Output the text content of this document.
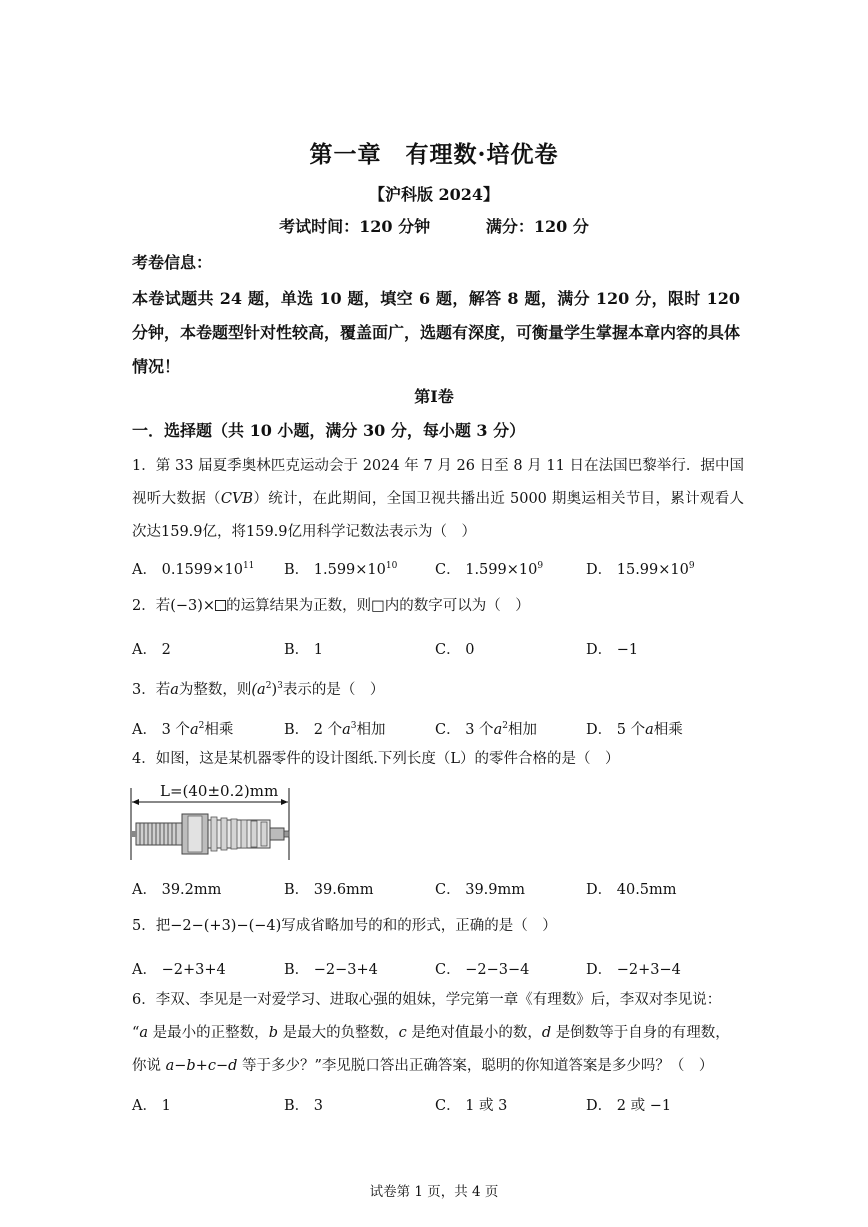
第一章　有理数·培优卷
【沪科版 2024】
考试时间：120 分钟	满分：120 分
考卷信息：
本卷试题共 24 题，单选 10 题，填空 6 题，解答 8 题，满分 120 分，限时 120 分钟，本卷题型针对性较高，覆盖面广，选题有深度，可衡量学生掌握本章内容的具体情况！
第Ⅰ卷
一．选择题（共 10 小题，满分 30 分，每小题 3 分）
1．第 33 届夏季奥林匹克运动会于 2024 年 7 月 26 日至 8 月 11 日在法国巴黎举行．据中国视听大数据（CVB）统计，在此期间，全国卫视共播出近 5000 期奥运相关节目，累计观看人次达159.9亿，将159.9亿用科学记数法表示为（　）
A． $0.1599\times 10^{11}$ B． $1.599\times 10^{10}$	C． $1.599\times 10^9$	D． $15.99\times 10^9$
2．若(−3)× 的运算结果为正数，则□内的数字可以为（　）
A． 2	B． 1	C． 0	D． −1
3．若a为整数，则$(a^2)^3$表示的是（　）
A． 3 个$a^2$相乘	B． 2 个$a^3$相加	C． 3 个$a^2$相加	D． 5 个a相乘
4．如图，这是某机器零件的设计图纸.下列长度（L）的零件合格的是（　）
L=(40±0.2)mm
A． 39.2mm	B． 39.6mm	C． 39.9mm	D． 40.5mm
5．把−2−(+3)−(−4)写成省略加号的和的形式，正确的是（　）
A． −2+3+4	B． −2−3+4	C． −2−3−4	D． −2+3−4
6．李双、李见是一对爱学习、进取心强的姐妹，学完第一章《有理数》后，李双对李见说：
“a 是最小的正整数，b 是最大的负整数，c 是绝对值最小的数，d 是倒数等于自身的有理数，
你说 a−b+c−d 等于多少？”李见脱口答出正确答案，聪明的你知道答案是多少吗？（　）
A． 1	B． 3	C． 1 或 3	D． 2 或 −1
试卷第 1 页，共 4 页
